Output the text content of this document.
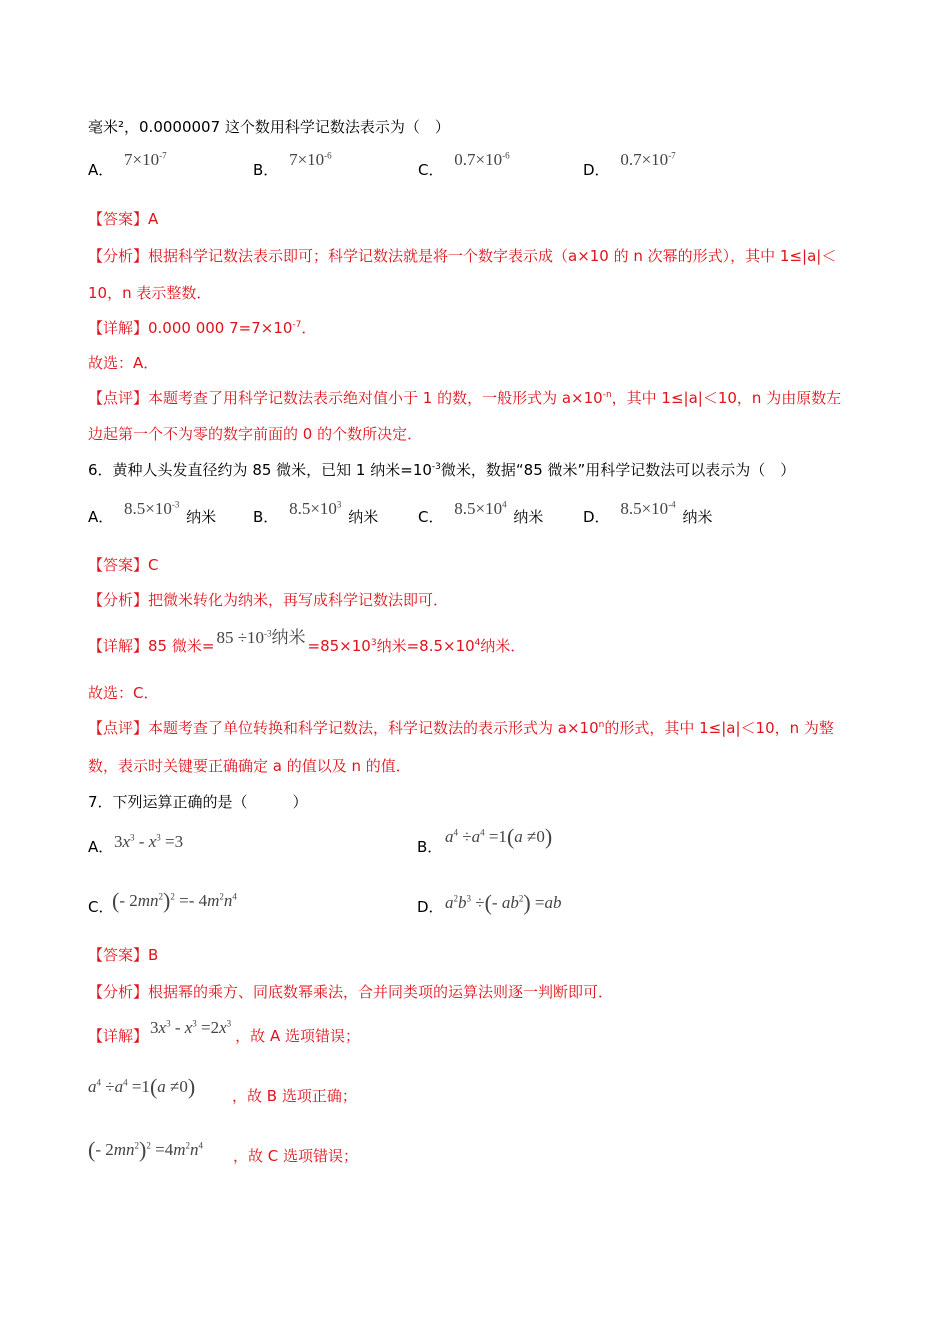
毫米²，0.0000007 这个数用科学记数法表示为（　）
A． $7\times 10^{-7}$
B． $7\times 10^{-6}$
C． $0.7\times 10^{-6}$
D． $0.7\times 10^{-7}$
【答案】A
【分析】根据科学记数法表示即可；科学记数法就是将一个数字表示成（a×10 的 n 次幂的形式），其中 1≤|a|＜
10，n 表示整数．
【详解】0.000 000 $7=7\times 10^{-7}$．
故选：A．
【点评】本题考查了用科学记数法表示绝对值小于 1 的数，一般形式为 $a\times 10^{-n}$，其中 1≤|a|＜10，n 为由原数左
边起第一个不为零的数字前面的 0 的个数所决定．
6．黄种人头发直径约为 85 微米，已知 1 纳米$=10^{-3}$微米，数据“85 微米”用科学记数法可以表示为（　）
A． $8.5\times 10^{-3}$ 纳米 B． $8.5\times 10^3$ 纳米	C． $8.5\times 10^4$ 纳米	D． $8.5\times 10^{-4}$ 纳米
【答案】C
【分析】把微米转化为纳米，再写成科学记数法即可．
【详解】85 微米= $85 \div 10^{-3}$纳米 $=85\times 10^3$纳米$=8.5\times 10^4$纳米．
故选：C．
【点评】本题考查了单位转换和科学记数法，科学记数法的表示形式为 $a\times 10^n$的形式，其中 1≤|a|＜10，n 为整
数，表示时关键要正确确定 a 的值以及 n 的值．
7．下列运算正确的是（　　　）
A． $3x^3 - x^3 =3$	B．
$a^4 \div a^4 =1(a \ne 0)$
C．
(- $2mn^2)^2 =- 4m^2n^4$
D． $a^2b^3$ ÷(- $ab^2) =ab$
【答案】B
【分析】根据幂的乘方、同底数幂乘法，合并同类项的运算法则逐一判断即可．
【详解】 $3x^3 - x^3 =2x^3$，故 A 选项错误；
$a^4 \div a^4 =1(a \ne 0)$ ，故 B 选项正确；
(- $2mn^2)^2 =4m^2n^4$
，故 C 选项错误；
